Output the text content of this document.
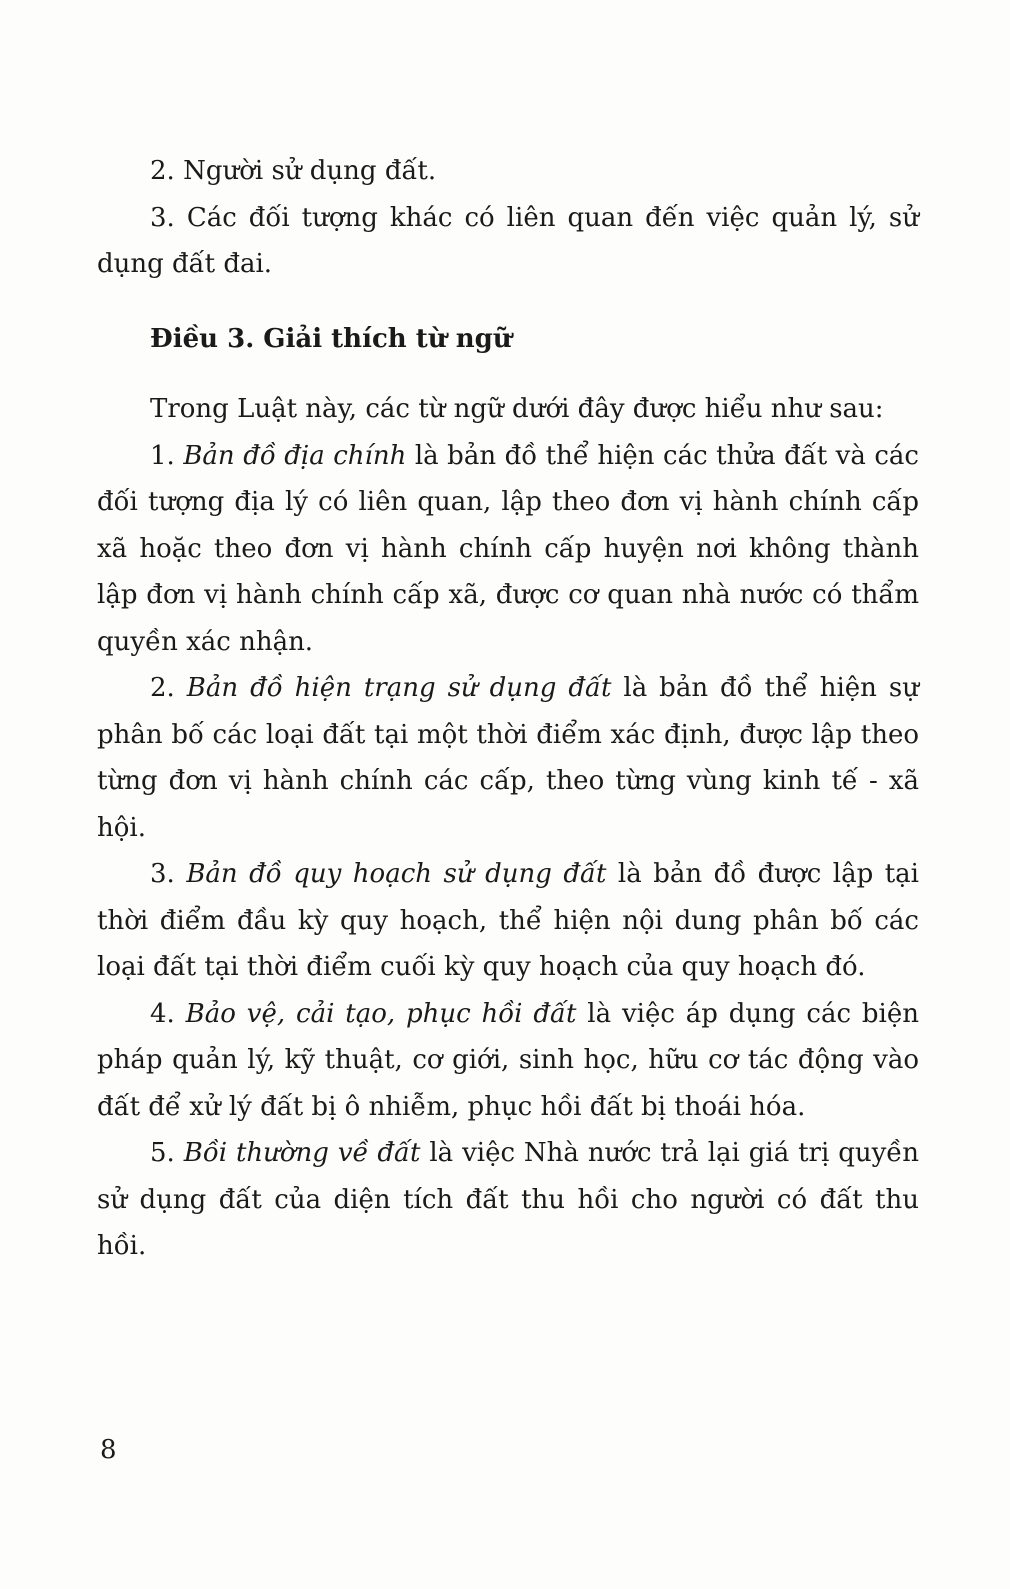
2. Người sử dụng đất.

3. Các đối tượng khác có liên quan đến việc quản lý, sử dụng đất đai.

Điều 3. Giải thích từ ngữ

Trong Luật này, các từ ngữ dưới đây được hiểu như sau:

1. Bản đồ địa chính là bản đồ thể hiện các thửa đất và các đối tượng địa lý có liên quan, lập theo đơn vị hành chính cấp xã hoặc theo đơn vị hành chính cấp huyện nơi không thành lập đơn vị hành chính cấp xã, được cơ quan nhà nước có thẩm quyền xác nhận.

2. Bản đồ hiện trạng sử dụng đất là bản đồ thể hiện sự phân bố các loại đất tại một thời điểm xác định, được lập theo từng đơn vị hành chính các cấp, theo từng vùng kinh tế - xã hội.

3. Bản đồ quy hoạch sử dụng đất là bản đồ được lập tại thời điểm đầu kỳ quy hoạch, thể hiện nội dung phân bố các loại đất tại thời điểm cuối kỳ quy hoạch của quy hoạch đó.

4. Bảo vệ, cải tạo, phục hồi đất là việc áp dụng các biện pháp quản lý, kỹ thuật, cơ giới, sinh học, hữu cơ tác động vào đất để xử lý đất bị ô nhiễm, phục hồi đất bị thoái hóa.

5. Bồi thường về đất là việc Nhà nước trả lại giá trị quyền sử dụng đất của diện tích đất thu hồi cho người có đất thu hồi.

8
